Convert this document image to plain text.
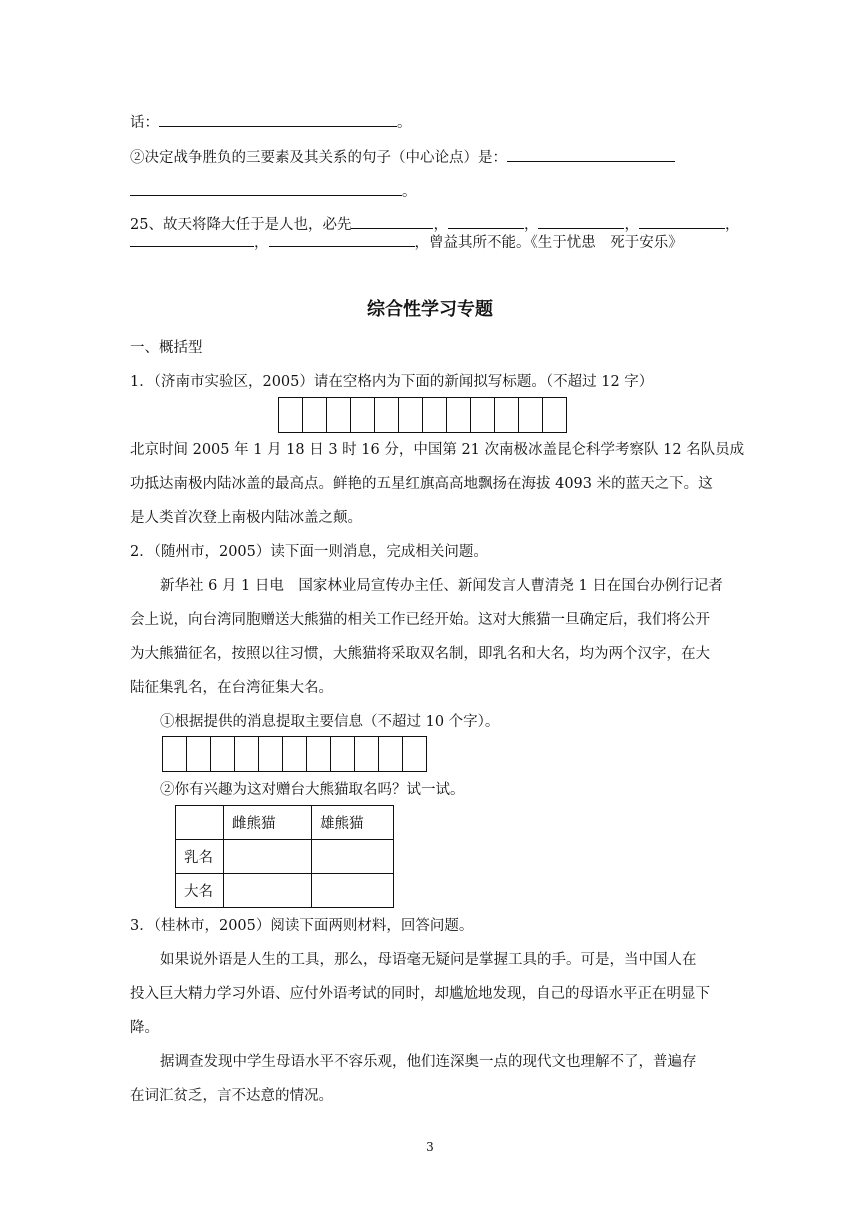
话：	。
②决定战争胜负的三要素及其关系的句子（中心论点）是：
。
25、故天将降大任于是人也，必先	，	，	，	，
，	，曾益其所不能。《生于忧患　死于安乐》
综合性学习专题
一、概括型
1．（济南市实验区，2005）请在空格内为下面的新闻拟写标题。（不超过 12 字）
北京时间 2005 年 1 月 18 日 3 时 16 分，中国第 21 次南极冰盖昆仑科学考察队 12 名队员成
功抵达南极内陆冰盖的最高点。鲜艳的五星红旗高高地飘扬在海拔 4093 米的蓝天之下。这
是人类首次登上南极内陆冰盖之颠。
2．（随州市，2005）读下面一则消息，完成相关问题。
新华社 6 月 1 日电　国家林业局宣传办主任、新闻发言人曹清尧 1 日在国台办例行记者
会上说，向台湾同胞赠送大熊猫的相关工作已经开始。这对大熊猫一旦确定后，我们将公开
为大熊猫征名，按照以往习惯，大熊猫将采取双名制，即乳名和大名，均为两个汉字，在大
陆征集乳名，在台湾征集大名。
①根据提供的消息提取主要信息（不超过 10 个字）。
②你有兴趣为这对赠台大熊猫取名吗？试一试。
	雌熊猫	雄熊猫
乳名		
大名		
3．（桂林市，2005）阅读下面两则材料，回答问题。
如果说外语是人生的工具，那么，母语毫无疑问是掌握工具的手。可是，当中国人在
投入巨大精力学习外语、应付外语考试的同时，却尴尬地发现，自己的母语水平正在明显下
降。
据调查发现中学生母语水平不容乐观，他们连深奥一点的现代文也理解不了，普遍存
在词汇贫乏，言不达意的情况。
3
